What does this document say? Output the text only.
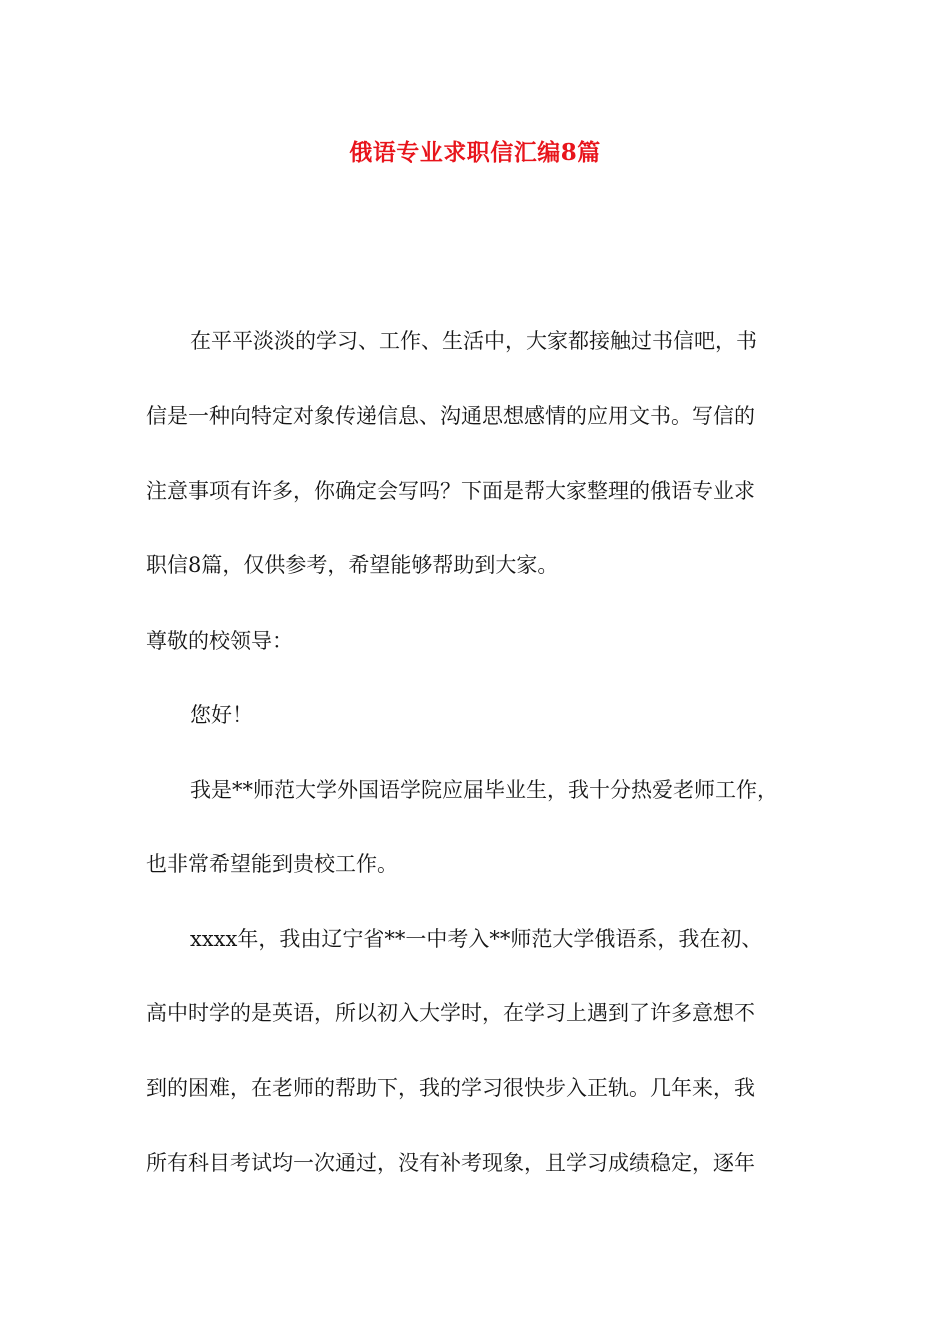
俄语专业求职信汇编8篇
在平平淡淡的学习、工作、生活中，大家都接触过书信吧，书
信是一种向特定对象传递信息、沟通思想感情的应用文书。写信的
注意事项有许多，你确定会写吗？下面是帮大家整理的俄语专业求
职信8篇，仅供参考，希望能够帮助到大家。
尊敬的校领导：
您好！
我是**师范大学外国语学院应届毕业生，我十分热爱老师工作，
也非常希望能到贵校工作。
xxxx年，我由辽宁省**一中考入**师范大学俄语系，我在初、
高中时学的是英语，所以初入大学时，在学习上遇到了许多意想不
到的困难，在老师的帮助下，我的学习很快步入正轨。几年来，我
所有科目考试均一次通过，没有补考现象，且学习成绩稳定，逐年
